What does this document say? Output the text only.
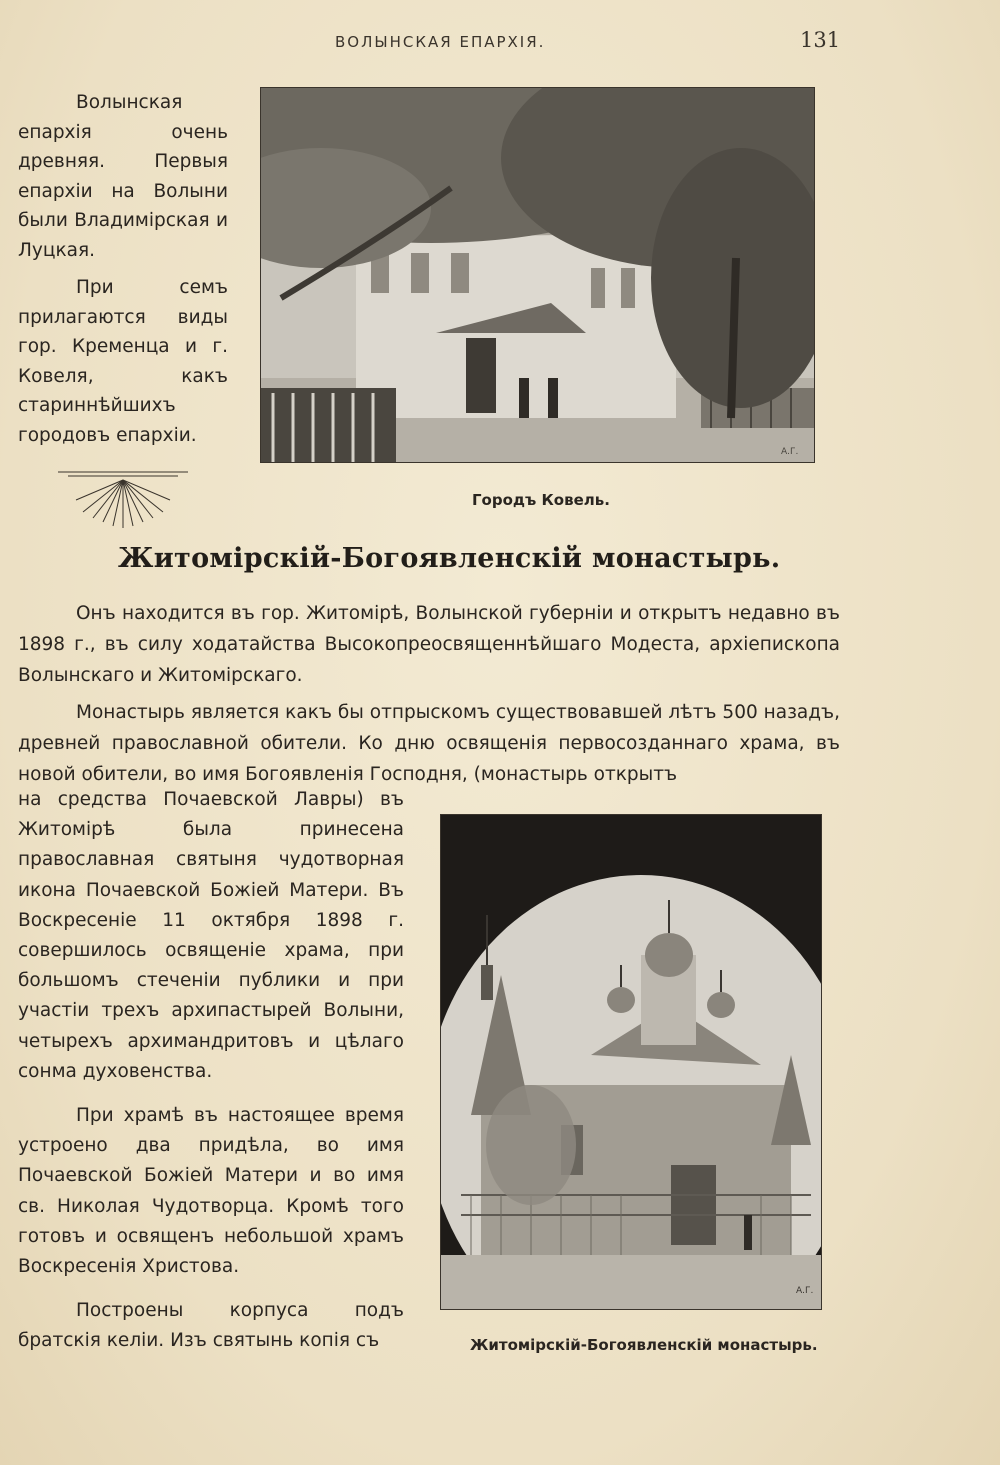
ВОЛЫНСКАЯ ЕПАРХІЯ.	131

Волынская епархія очень древняя. Первыя епархіи на Волыни были Владимірская и Луцкая.

При семъ прилагаются виды гор. Кременца и г. Ковеля, какъ стариннѣйшихъ городовъ епархіи.

А.Г.
Городъ Ковель.
Житомірскій-Богоявленскій монастырь.

Онъ находится въ гор. Житомірѣ, Волынской губерніи и открытъ недавно въ 1898 г., въ силу ходатайства Высокопреосвященнѣйшаго Модеста, архіепископа Волынскаго и Житомірскаго.

Монастырь является какъ бы отпрыскомъ существовавшей лѣтъ 500 назадъ, древней православной обители. Ко дню освященія первосозданнаго храма, въ новой обители, во имя Богоявленія Господня, (монастырь открытъ

на средства Почаевской Лавры) въ Житомірѣ была принесена православная святыня чудотворная икона Почаевской Божіей Матери. Въ Воскресеніе 11 октября 1898 г. совершилось освященіе храма, при большомъ стеченіи публики и при участіи трехъ архипастырей Волыни, четырехъ архимандритовъ и цѣлаго сонма духовенства.

При храмѣ въ настоящее время устроено два придѣла, во имя Почаевской Божіей Матери и во имя св. Николая Чудотворца. Кромѣ того готовъ и освященъ небольшой храмъ Воскресенія Христова.

Построены корпуса подъ братскія келіи. Изъ святынь копія съ

А.Г.
Житомірскій-Богоявленскій монастырь.
